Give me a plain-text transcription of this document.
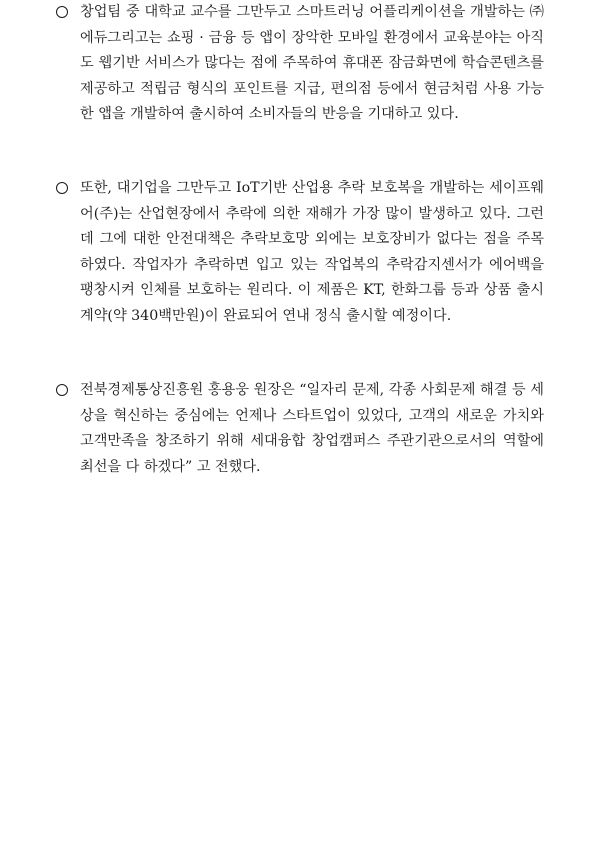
창업팀 중 대학교 교수를 그만두고 스마트러닝 어플리케이션을 개발하는 ㈜에듀그리고는 쇼핑 · 금융 등 앱이 장악한 모바일 환경에서 교육분야는 아직도 웹기반 서비스가 많다는 점에 주목하여 휴대폰 잠금화면에 학습콘텐츠를 제공하고 적립금 형식의 포인트를 지급, 편의점 등에서 현금처럼 사용 가능한 앱을 개발하여 출시하여 소비자들의 반응을 기대하고 있다.
또한, 대기업을 그만두고 IoT기반 산업용 추락 보호복을 개발하는 세이프웨어(주)는 산업현장에서 추락에 의한 재해가 가장 많이 발생하고 있다. 그런데 그에 대한 안전대책은 추락보호망 외에는 보호장비가 없다는 점을 주목하였다. 작업자가 추락하면 입고 있는 작업복의 추락감지센서가 에어백을 팽창시켜 인체를 보호하는 원리다. 이 제품은 KT, 한화그룹 등과 상품 출시 계약(약 340백만원)이 완료되어 연내 정식 출시할 예정이다.
전북경제통상진흥원 홍용웅 원장은 “일자리 문제, 각종 사회문제 해결 등 세상을 혁신하는 중심에는 언제나 스타트업이 있었다, 고객의 새로운 가치와 고객만족을 창조하기 위해 세대융합 창업캠퍼스 주관기관으로서의 역할에 최선을 다 하겠다” 고 전했다.
